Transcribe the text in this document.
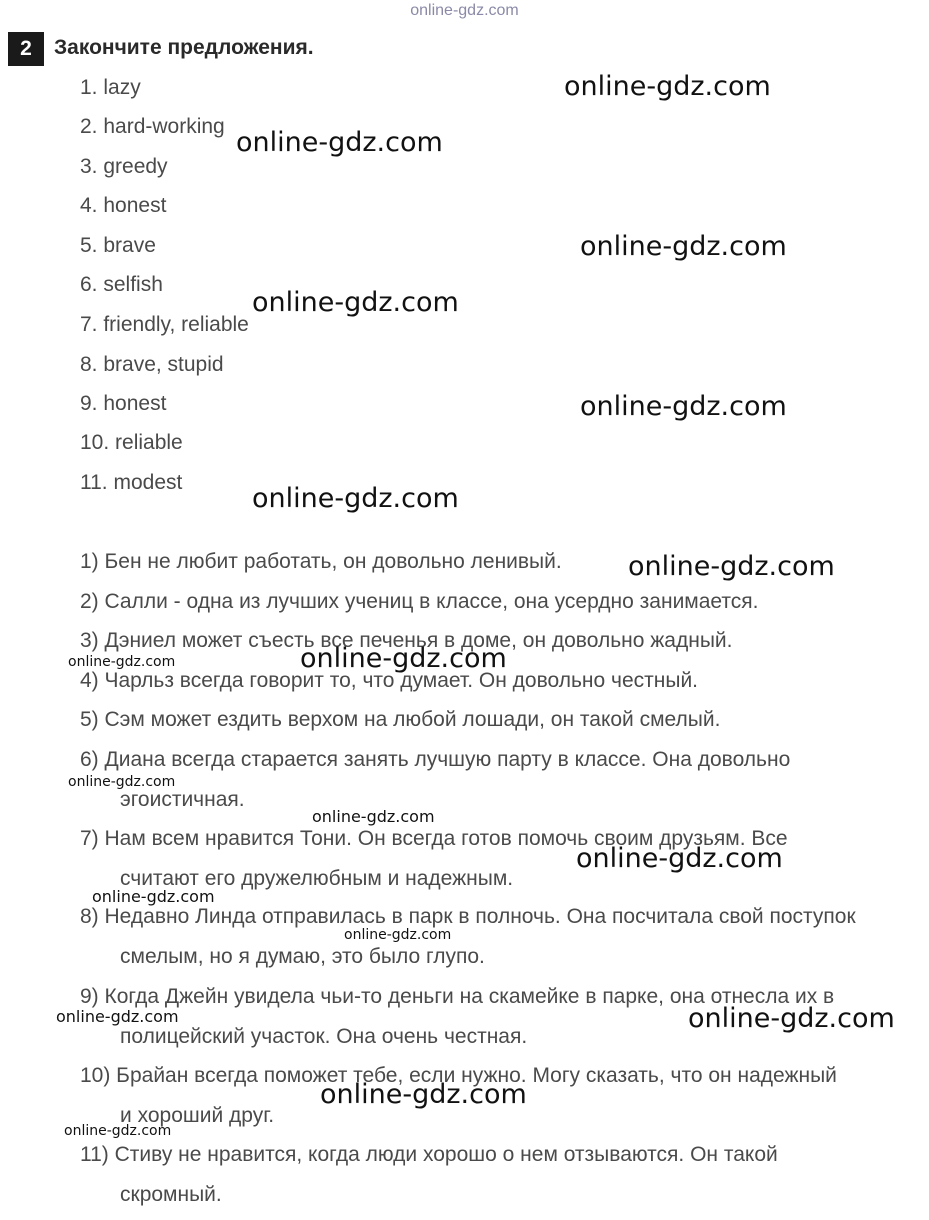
online-gdz.com
2	Закончите предложения.
1. lazy
2. hard-working
3. greedy
4. honest
5. brave
6. selfish
7. friendly, reliable
8. brave, stupid
9. honest
10. reliable
11. modest
1) Бен не любит работать, он довольно ленивый.
2) Салли - одна из лучших учениц в классе, она усердно занимается.
3) Дэниел может съесть все печенья в доме, он довольно жадный.
4) Чарльз всегда говорит то, что думает. Он довольно честный.
5) Сэм может ездить верхом на любой лошади, он такой смелый.
6) Диана всегда старается занять лучшую парту в классе. Она довольно
эгоистичная.
7) Нам всем нравится Тони. Он всегда готов помочь своим друзьям. Все
считают его дружелюбным и надежным.
8) Недавно Линда отправилась в парк в полночь. Она посчитала свой поступок
смелым, но я думаю, это было глупо.
9) Когда Джейн увидела чьи-то деньги на скамейке в парке, она отнесла их в
полицейский участок. Она очень честная.
10) Брайан всегда поможет тебе, если нужно. Могу сказать, что он надежный
и хороший друг.
11) Стиву не нравится, когда люди хорошо о нем отзываются. Он такой
скромный.
online-gdz.com
online-gdz.com
online-gdz.com
online-gdz.com
online-gdz.com
online-gdz.com
online-gdz.com
online-gdz.com
online-gdz.com
online-gdz.com
online-gdz.com
online-gdz.com
online-gdz.com
online-gdz.com
online-gdz.com
online-gdz.com
online-gdz.com
online-gdz.com
